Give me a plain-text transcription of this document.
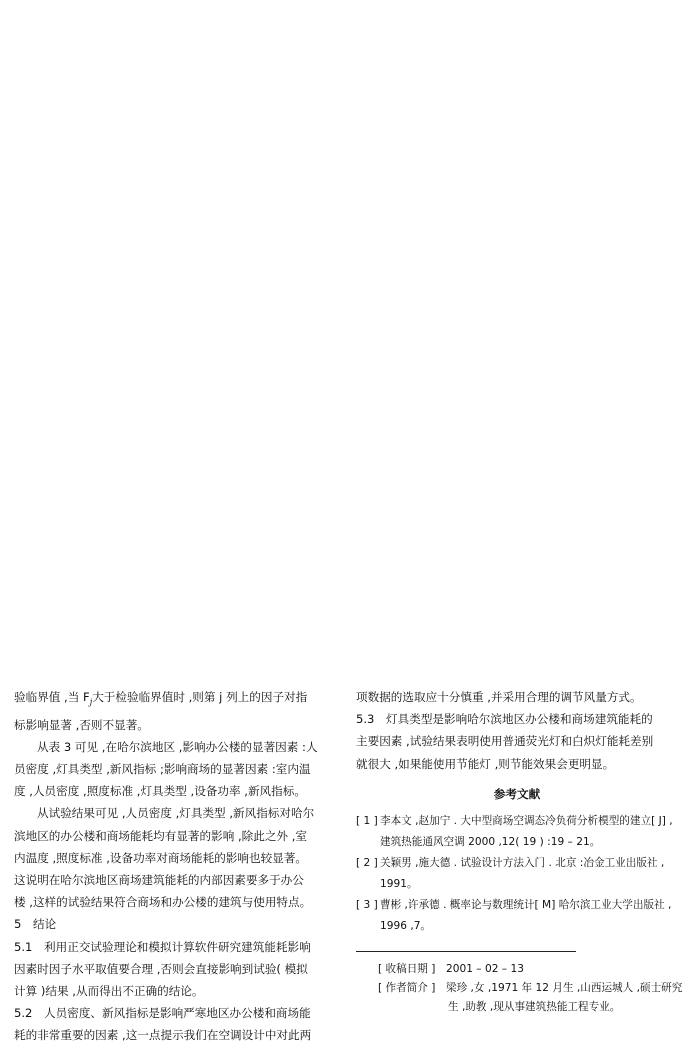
验临界值 ,当 $F_j$大于检验临界值时 ,则第 j 列上的因子对指
标影响显著 ,否则不显著。
从表 3 可见 ,在哈尔滨地区 ,影响办公楼的显著因素 :人
员密度 ,灯具类型 ,新风指标 ;影响商场的显著因素 :室内温
度 ,人员密度 ,照度标准 ,灯具类型 ,设备功率 ,新风指标。
从试验结果可见 ,人员密度 ,灯具类型 ,新风指标对哈尔
滨地区的办公楼和商场能耗均有显著的影响 ,除此之外 ,室
内温度 ,照度标准 ,设备功率对商场能耗的影响也较显著。
这说明在哈尔滨地区商场建筑能耗的内部因素要多于办公
楼 ,这样的试验结果符合商场和办公楼的建筑与使用特点。
5　结论
5.1　利用正交试验理论和模拟计算软件研究建筑能耗影响
因素时因子水平取值要合理 ,否则会直接影响到试验( 模拟
计算 )结果 ,从而得出不正确的结论。
5.2　人员密度、新风指标是影响严寒地区办公楼和商场能
耗的非常重要的因素 ,这一点提示我们在空调设计中对此两
项数据的选取应十分慎重 ,并采用合理的调节风量方式。
5.3　灯具类型是影响哈尔滨地区办公楼和商场建筑能耗的
主要因素 ,试验结果表明使用普通荧光灯和白炽灯能耗差别
就很大 ,如果能使用节能灯 ,则节能效果会更明显。
参考文献
[ 1 ] 李本文 ,赵加宁 . 大中型商场空调态冷负荷分析模型的建立[ J] ,
建筑热能通风空调 2000 ,12( 19 ) :19 – 21。
[ 2 ] 关颖男 ,施大德 . 试验设计方法入门 . 北京 :冶金工业出版社 ,
1991。
[ 3 ] 曹彬 ,许承德 . 概率论与数理统计[ M] 哈尔滨工业大学出版社 ,
1996 ,7。
[ 收稿日期 ]　2001 – 02 – 13
[ 作者简介 ]　梁珍 ,女 ,1971 年 12 月生 ,山西运城人 ,硕士研究
生 ,助教 ,现从事建筑热能工程专业。
